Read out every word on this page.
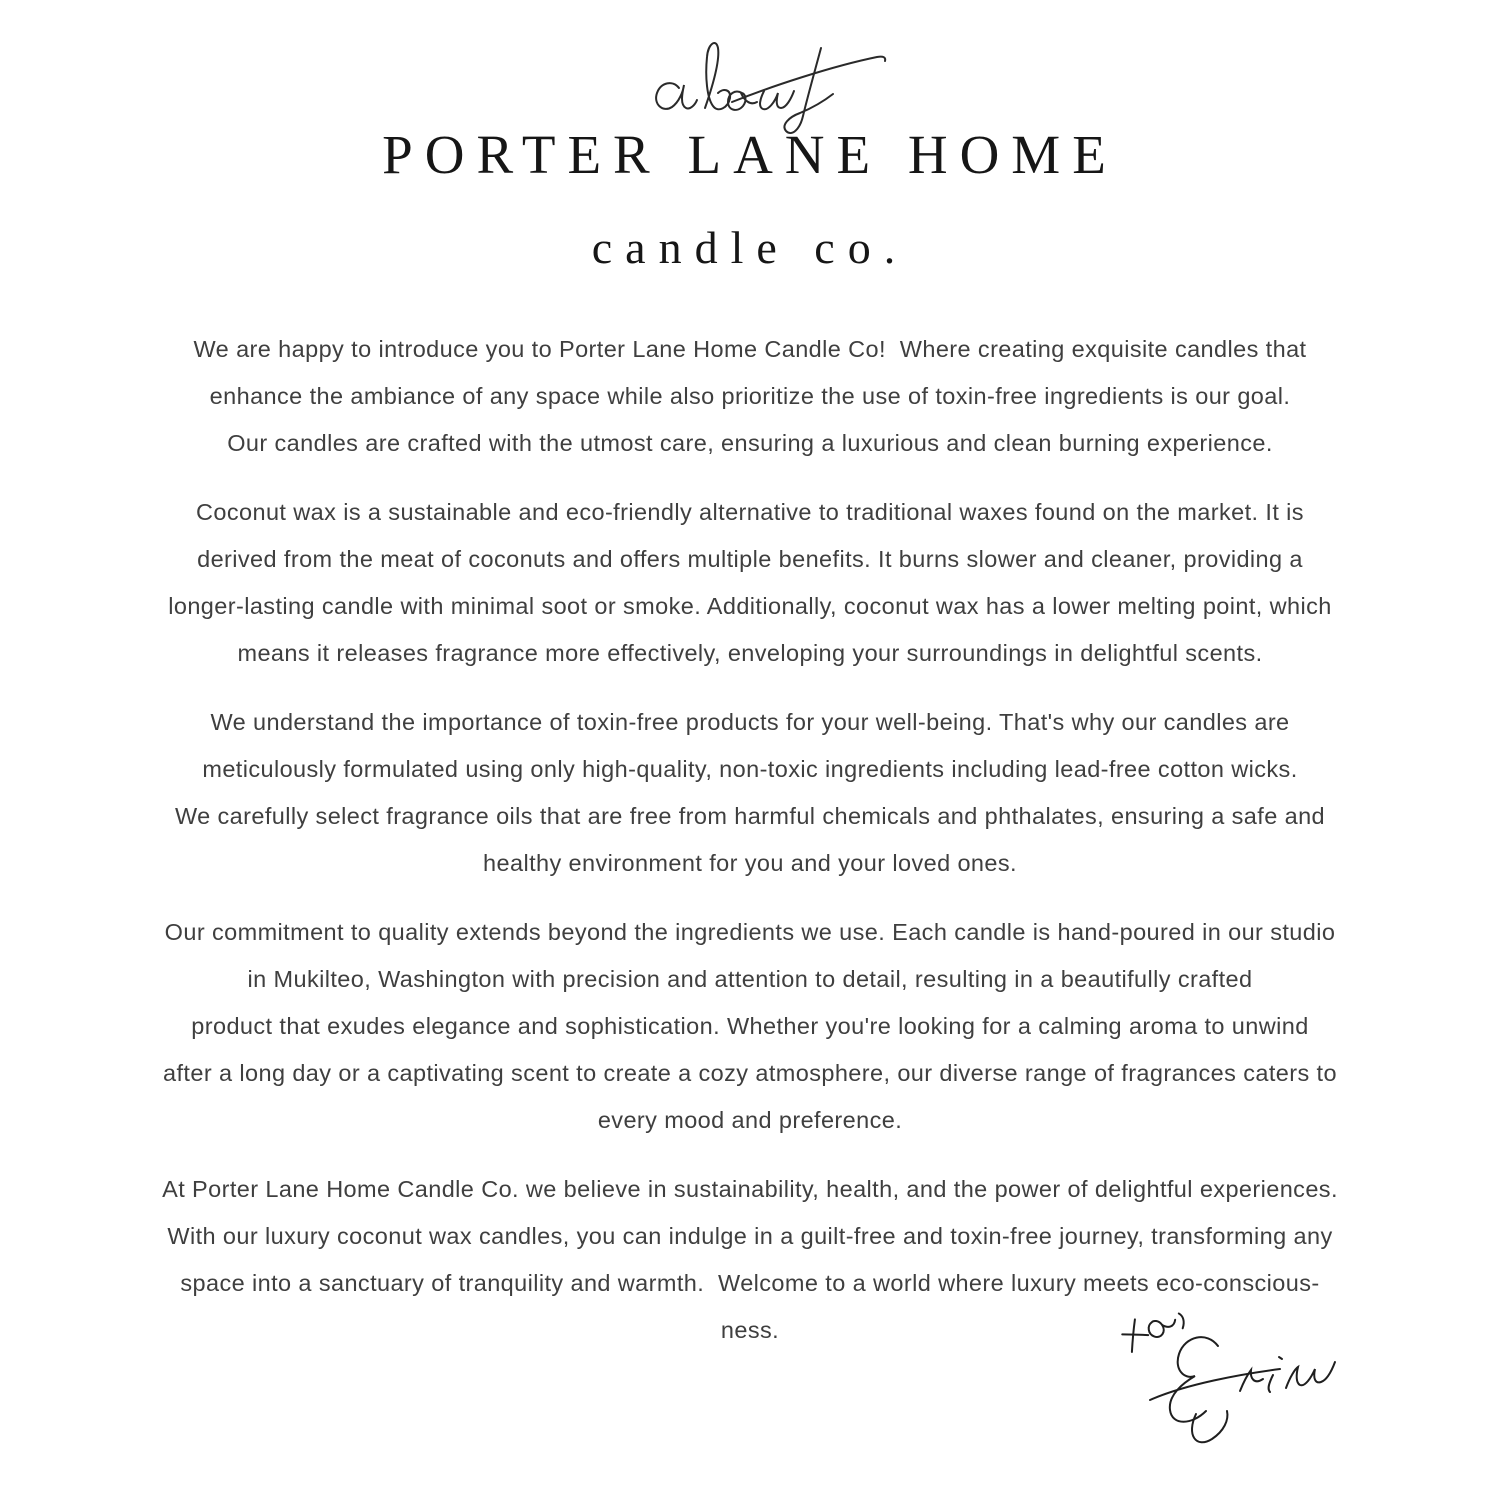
PORTER LANE HOME
candle co.

We are happy to introduce you to Porter Lane Home Candle Co!  Where creating exquisite candles that
enhance the ambiance of any space while also prioritize the use of toxin-free ingredients is our goal.
Our candles are crafted with the utmost care, ensuring a luxurious and clean burning experience.

Coconut wax is a sustainable and eco-friendly alternative to traditional waxes found on the market. It is
derived from the meat of coconuts and offers multiple benefits. It burns slower and cleaner, providing a
longer-lasting candle with minimal soot or smoke. Additionally, coconut wax has a lower melting point, which
means it releases fragrance more effectively, enveloping your surroundings in delightful scents.

We understand the importance of toxin-free products for your well-being. That's why our candles are
meticulously formulated using only high-quality, non-toxic ingredients including lead-free cotton wicks.
We carefully select fragrance oils that are free from harmful chemicals and phthalates, ensuring a safe and
healthy environment for you and your loved ones.

Our commitment to quality extends beyond the ingredients we use. Each candle is hand-poured in our studio
in Mukilteo, Washington with precision and attention to detail, resulting in a beautifully crafted
product that exudes elegance and sophistication. Whether you're looking for a calming aroma to unwind
after a long day or a captivating scent to create a cozy atmosphere, our diverse range of fragrances caters to
every mood and preference.

At Porter Lane Home Candle Co. we believe in sustainability, health, and the power of delightful experiences.
With our luxury coconut wax candles, you can indulge in a guilt-free and toxin-free journey, transforming any
space into a sanctuary of tranquility and warmth.  Welcome to a world where luxury meets eco-conscious-
ness.
